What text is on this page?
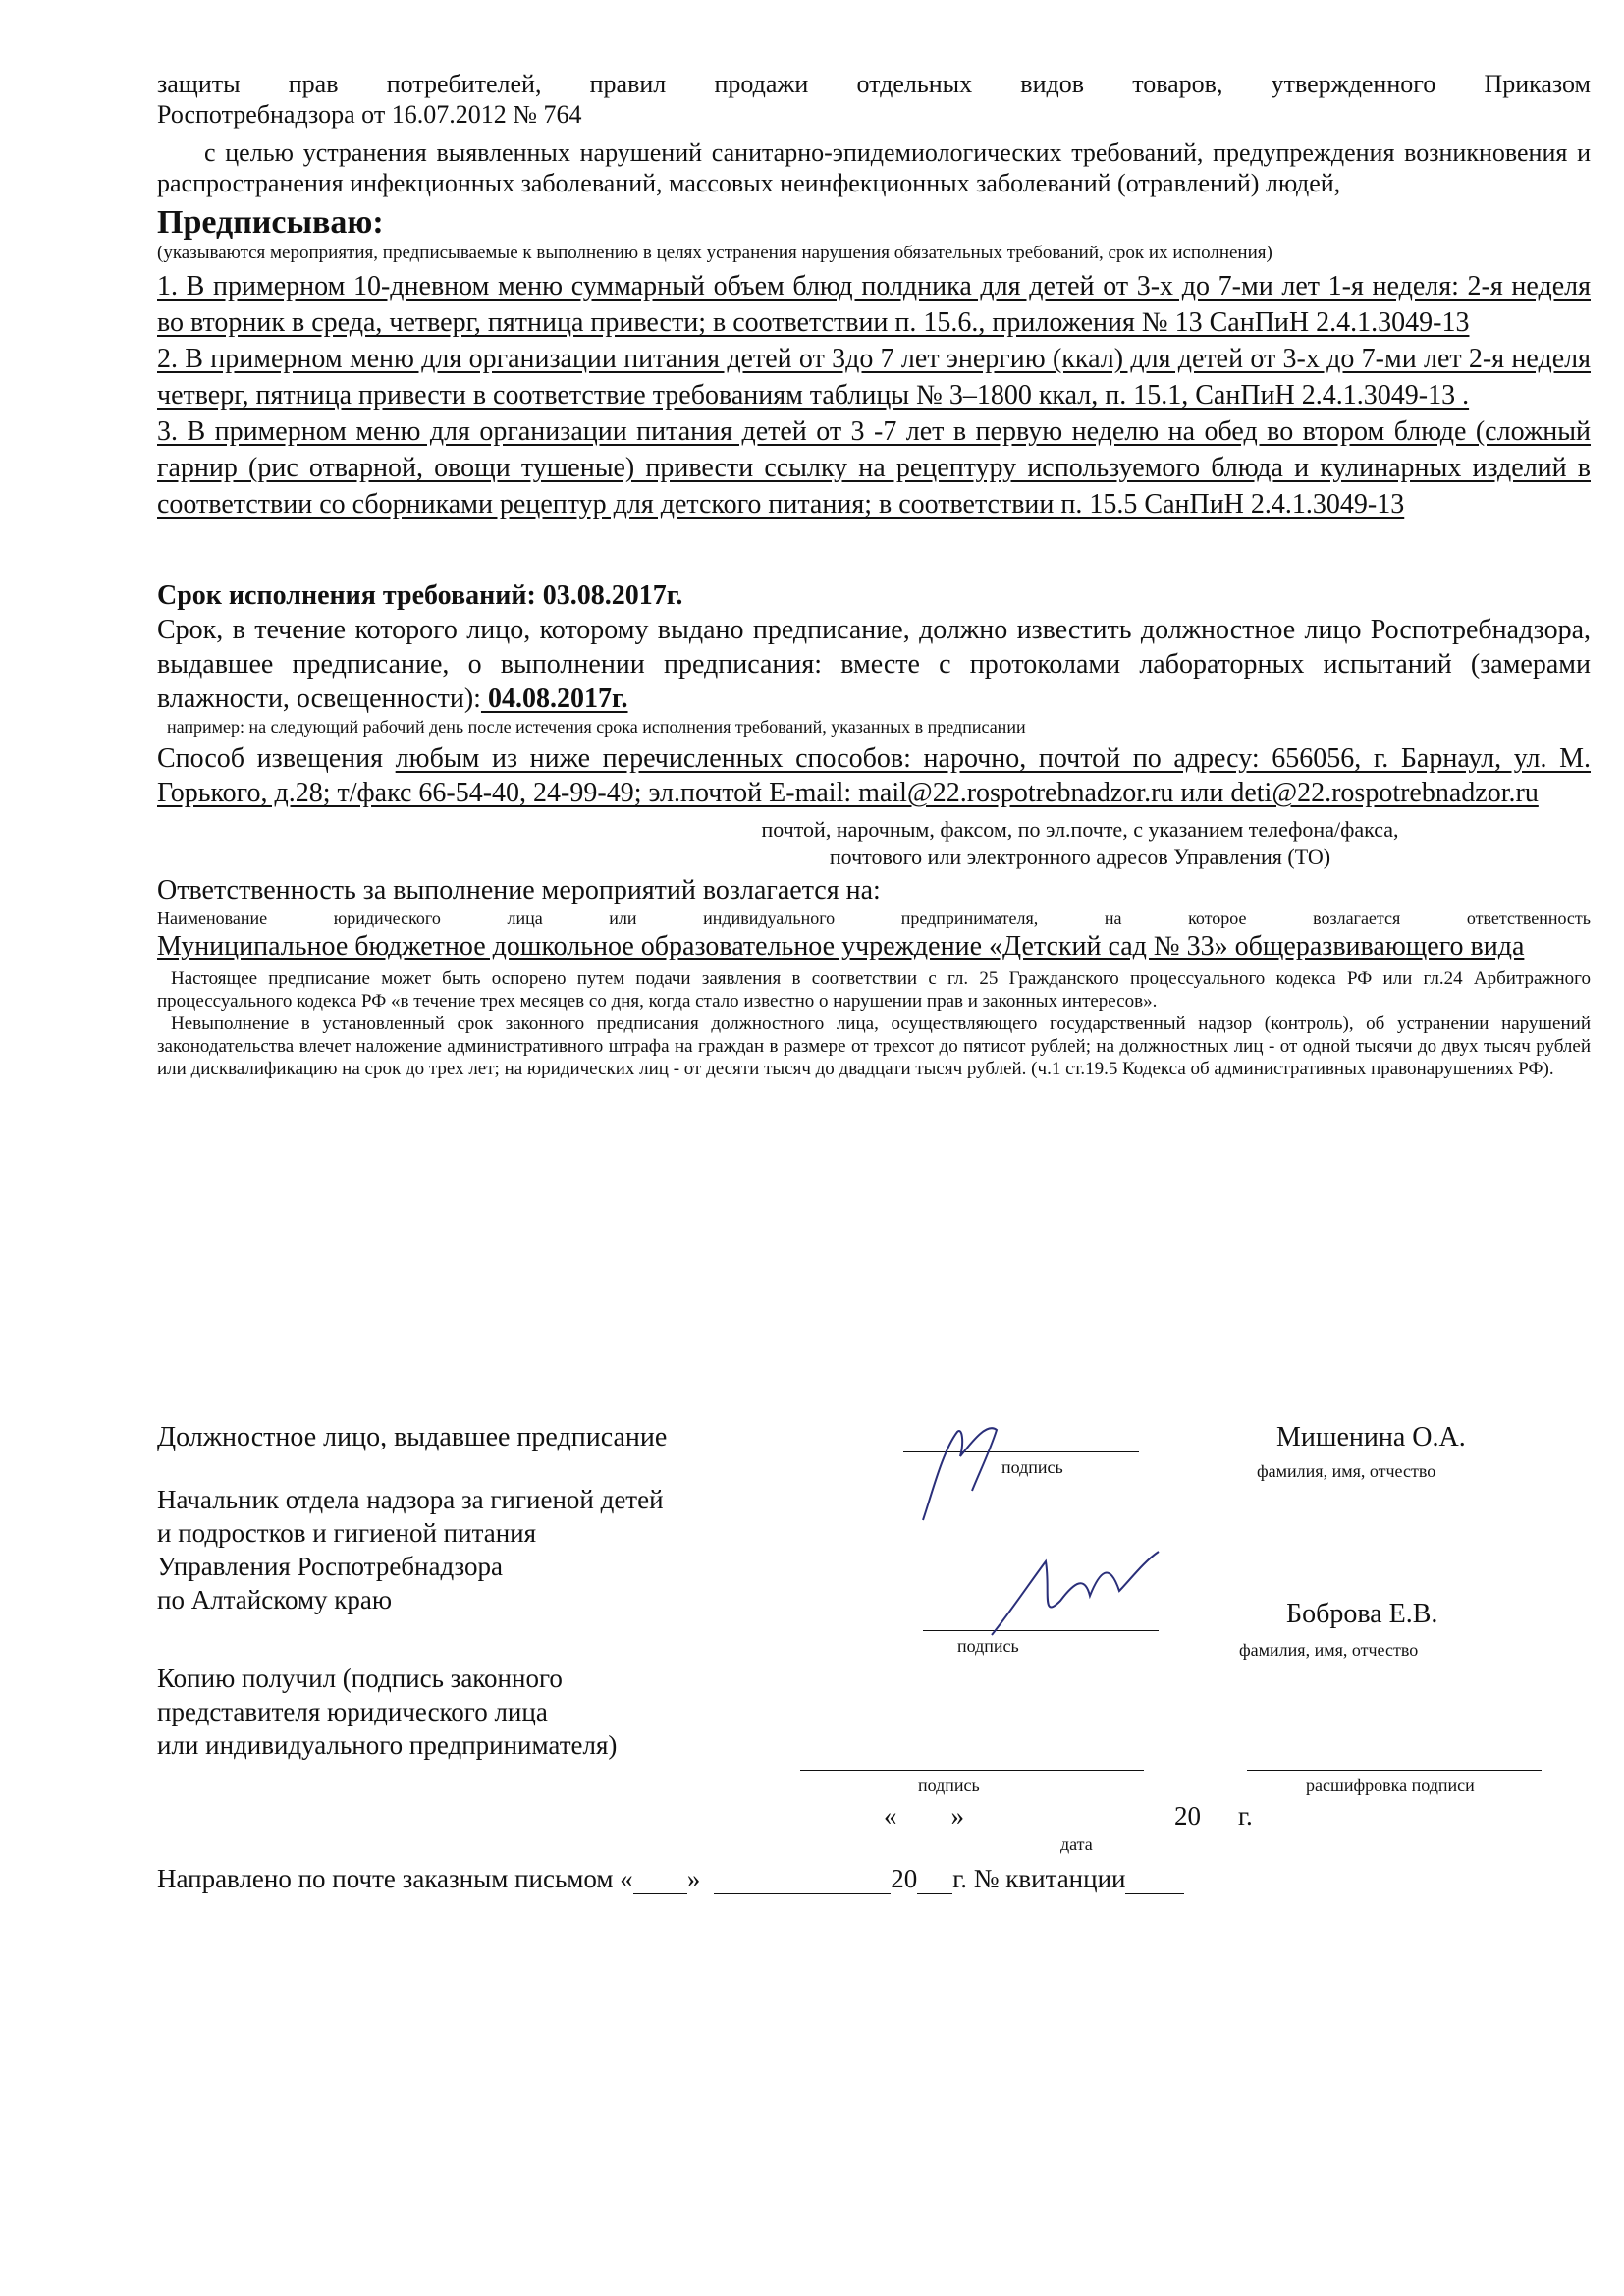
защиты прав потребителей, правил продажи отдельных видов товаров, утвержденного Приказом

Роспотребнадзора от 16.07.2012 № 764

с целью устранения выявленных нарушений санитарно-эпидемиологических требований, предупреждения возникновения и распространения инфекционных заболеваний, массовых неинфекционных заболеваний (отравлений) людей,

Предписываю:

(указываются мероприятия, предписываемые к выполнению в целях устранения нарушения обязательных требований, срок их исполнения)

1. В примерном 10-дневном меню суммарный объем блюд полдника для детей от 3-х до 7-ми лет 1-я неделя: 2-я неделя во вторник в среда, четверг, пятница привести; в соответствии п. 15.6., приложения № 13 СанПиН 2.4.1.3049-13

2. В примерном меню для организации питания детей от 3до 7 лет энергию (ккал) для детей от 3-х до 7-ми лет 2-я неделя четверг, пятница привести в соответствие требованиям таблицы № 3–1800 ккал, п. 15.1, СанПиН 2.4.1.3049-13 .

3. В примерном меню для организации питания детей от 3 -7 лет в первую неделю на обед во втором блюде (сложный гарнир (рис отварной, овощи тушеные) привести ссылку на рецептуру используемого блюда и кулинарных изделий в соответствии со сборниками рецептур для детского питания; в соответствии п. 15.5 СанПиН 2.4.1.3049-13

Срок исполнения требований: 03.08.2017г.

Срок, в течение которого лицо, которому выдано предписание, должно известить должностное лицо Роспотребнадзора, выдавшее предписание, о выполнении предписания: вместе с протоколами лабораторных испытаний (замерами влажности, освещенности): 04.08.2017г.

например: на следующий рабочий день после истечения срока исполнения требований, указанных в предписании

Способ извещения любым из ниже перечисленных способов: нарочно, почтой по адресу: 656056, г. Барнаул, ул. М. Горького, д.28; т/факс 66-54-40, 24-99-49; эл.почтой E-mail: mail@22.rospotrebnadzor.ru или deti@22.rospotrebnadzor.ru

почтой, нарочным, факсом, по эл.почте, с указанием телефона/факса,

почтового или электронного адресов Управления (ТО)

Ответственность за выполнение мероприятий возлагается на:

Наименование юридического лица или индивидуального предпринимателя, на которое возлагается ответственность

Муниципальное бюджетное дошкольное образовательное учреждение «Детский сад № 33» общеразвивающего вида

Настоящее предписание может быть оспорено путем подачи заявления в соответствии с гл. 25 Гражданского процессуального кодекса РФ или гл.24 Арбитражного процессуального кодекса РФ «в течение трех месяцев со дня, когда стало известно о нарушении прав и законных интересов».

Невыполнение в установленный срок законного предписания должностного лица, осуществляющего государственный надзор (контроль), об устранении нарушений законодательства влечет наложение административного штрафа на граждан в размере от трехсот до пятисот рублей; на должностных лиц - от одной тысячи до двух тысяч рублей или дисквалификацию на срок до трех лет; на юридических лиц - от десяти тысяч до двадцати тысяч рублей. (ч.1 ст.19.5 Кодекса об административных правонарушениях РФ).

Должностное лицо, выдавшее предписание
подпись
Мишенина О.А.
фамилия, имя, отчество
Начальник отдела надзора за гигиеной детей
и подростков и гигиеной питания
Управления Роспотребнадзора
по Алтайскому краю
подпись
Боброва Е.В.
фамилия, имя, отчество
Копию получил (подпись законного
представителя юридического лица
или индивидуального предпринимателя)
подпись	расшифровка подписи
« »	20 г.
дата
Направлено по почте заказным письмом « »	20 г. № квитанции
